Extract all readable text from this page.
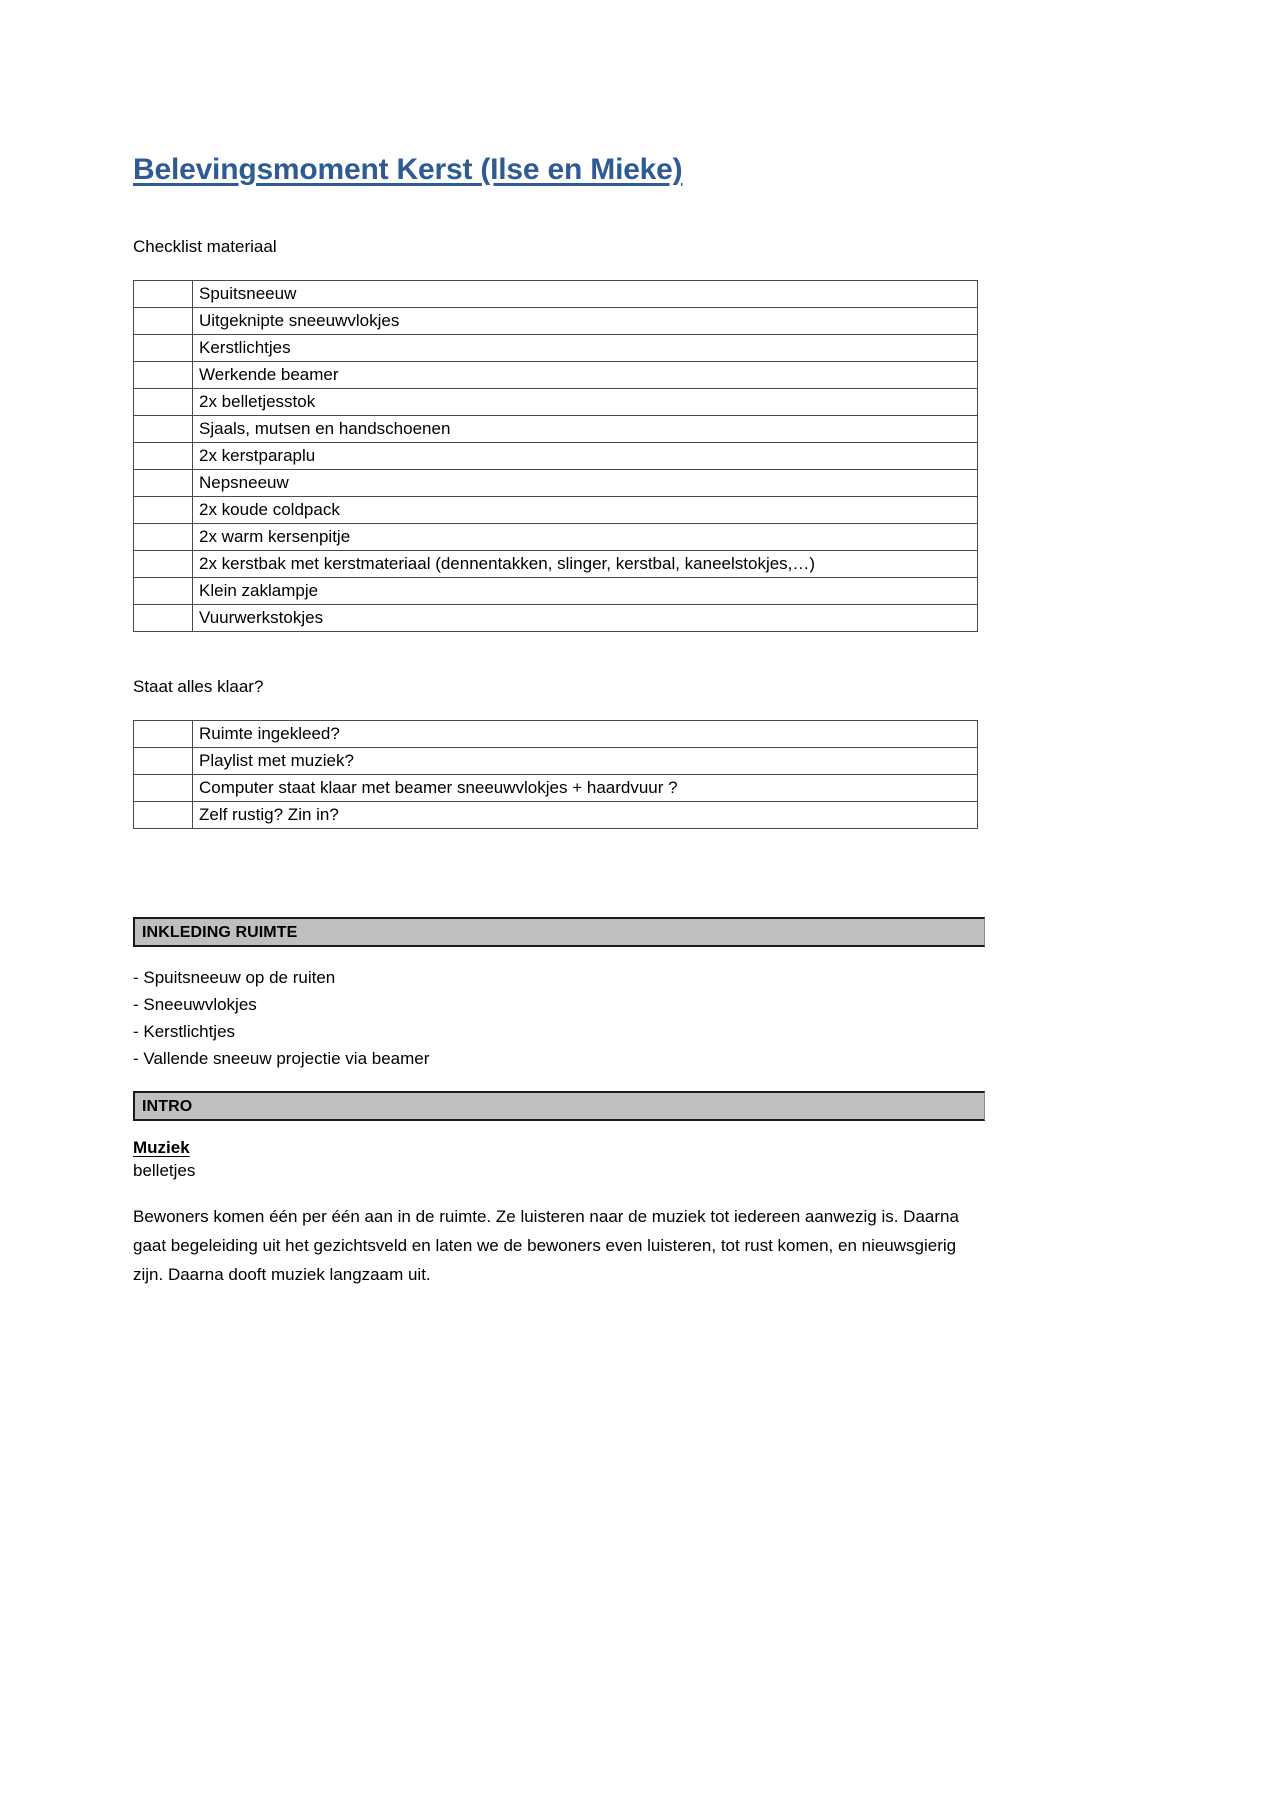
Belevingsmoment Kerst (Ilse en Mieke)
Checklist materiaal
	Spuitsneeuw
	Uitgeknipte sneeuwvlokjes
	Kerstlichtjes
	Werkende beamer
	2x belletjesstok
	Sjaals, mutsen en handschoenen
	2x kerstparaplu
	Nepsneeuw
	2x koude coldpack
	2x warm kersenpitje
	2x kerstbak met kerstmateriaal (dennentakken, slinger, kerstbal, kaneelstokjes,…)
	Klein zaklampje
	Vuurwerkstokjes
Staat alles klaar?
	Ruimte ingekleed?
	Playlist met muziek?
	Computer staat klaar met beamer sneeuwvlokjes + haardvuur ?
	Zelf rustig? Zin in?
INKLEDING RUIMTE
- Spuitsneeuw op de ruiten
- Sneeuwvlokjes
- Kerstlichtjes
- Vallende sneeuw projectie via beamer
INTRO
Muziek
belletjes

Bewoners komen één per één aan in de ruimte. Ze luisteren naar de muziek tot iedereen aanwezig is. Daarna gaat begeleiding uit het gezichtsveld en laten we de bewoners even luisteren, tot rust komen, en nieuwsgierig zijn. Daarna dooft muziek langzaam uit.
